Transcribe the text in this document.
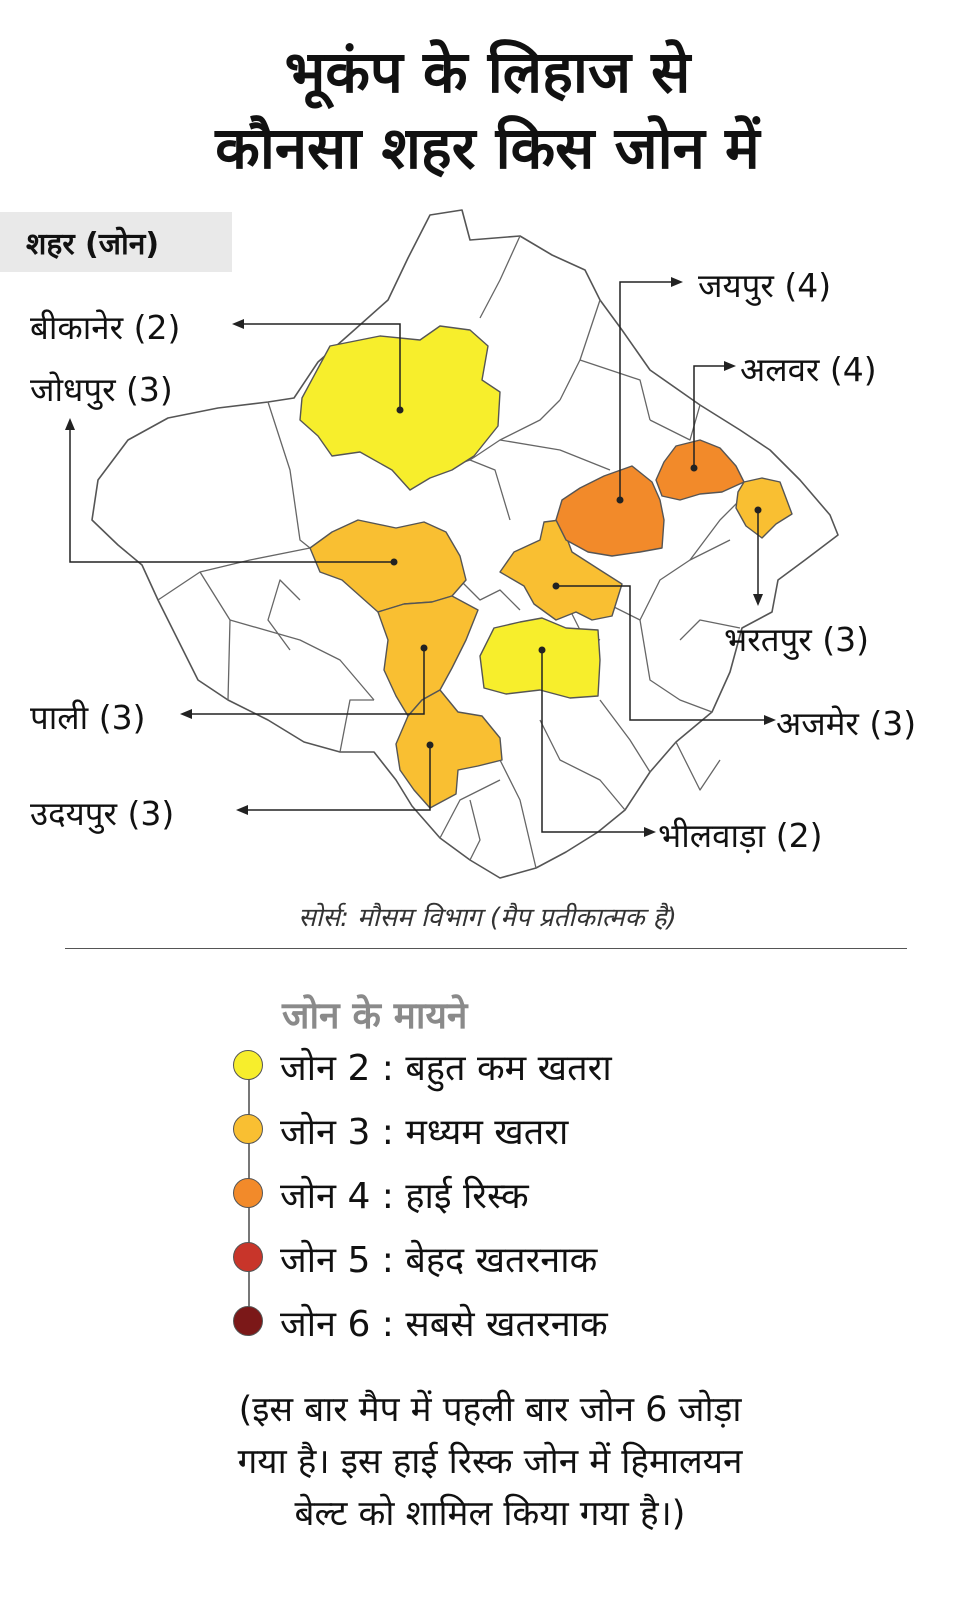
भूकंप के लिहाज से
कौनसा शहर किस जोन में
शहर (जोन)
बीकानेर (2)
जोधपुर (3)
जयपुर (4)
अलवर (4)
भरतपुर (3)
अजमेर (3)
पाली (3)
उदयपुर (3)
भीलवाड़ा (2)
सोर्स: मौसम विभाग (मैप प्रतीकात्मक है)
जोन के मायने
जोन 2 : बहुत कम खतरा
जोन 3 : मध्यम खतरा
जोन 4 : हाई रिस्क
जोन 5 : बेहद खतरनाक
जोन 6 : सबसे खतरनाक
(इस बार मैप में पहली बार जोन 6 जोड़ा
गया है। इस हाई रिस्क जोन में हिमालयन
बेल्ट को शामिल किया गया है।)
